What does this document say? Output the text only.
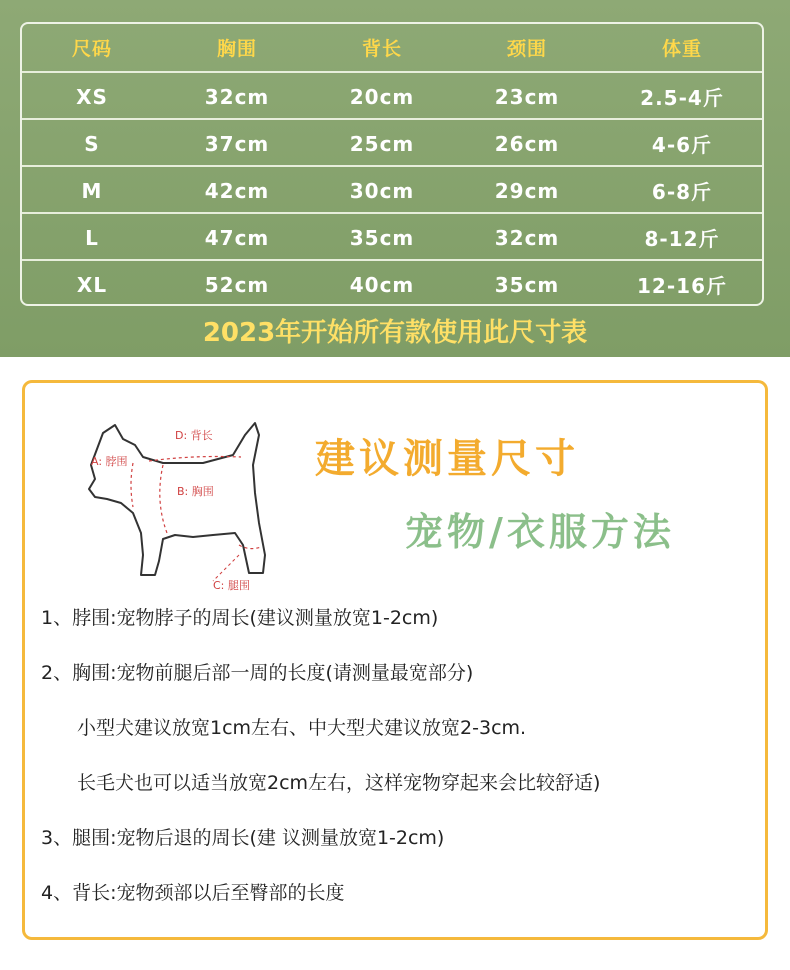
尺码	胸围	背长	颈围	体重
XS	32cm	20cm	23cm	2.5-4斤
S	37cm	25cm	26cm	4-6斤
M	42cm	30cm	29cm	6-8斤
L	47cm	35cm	32cm	8-12斤
XL	52cm	40cm	35cm	12-16斤
2023年开始所有款使用此尺寸表
A: 脖围
D: 背长
B: 胸围
C: 腿围
建议测量尺寸
宠物/衣服方法
1、脖围:宠物脖子的周长(建议测量放宽1-2cm)
2、胸围:宠物前腿后部一周的长度(请测量最宽部分)
小型犬建议放宽1cm左右、中大型犬建议放宽2-3cm.
长毛犬也可以适当放宽2cm左右，这样宠物穿起来会比较舒适)
3、腿围:宠物后退的周长(建 议测量放宽1-2cm)
4、背长:宠物颈部以后至臀部的长度
